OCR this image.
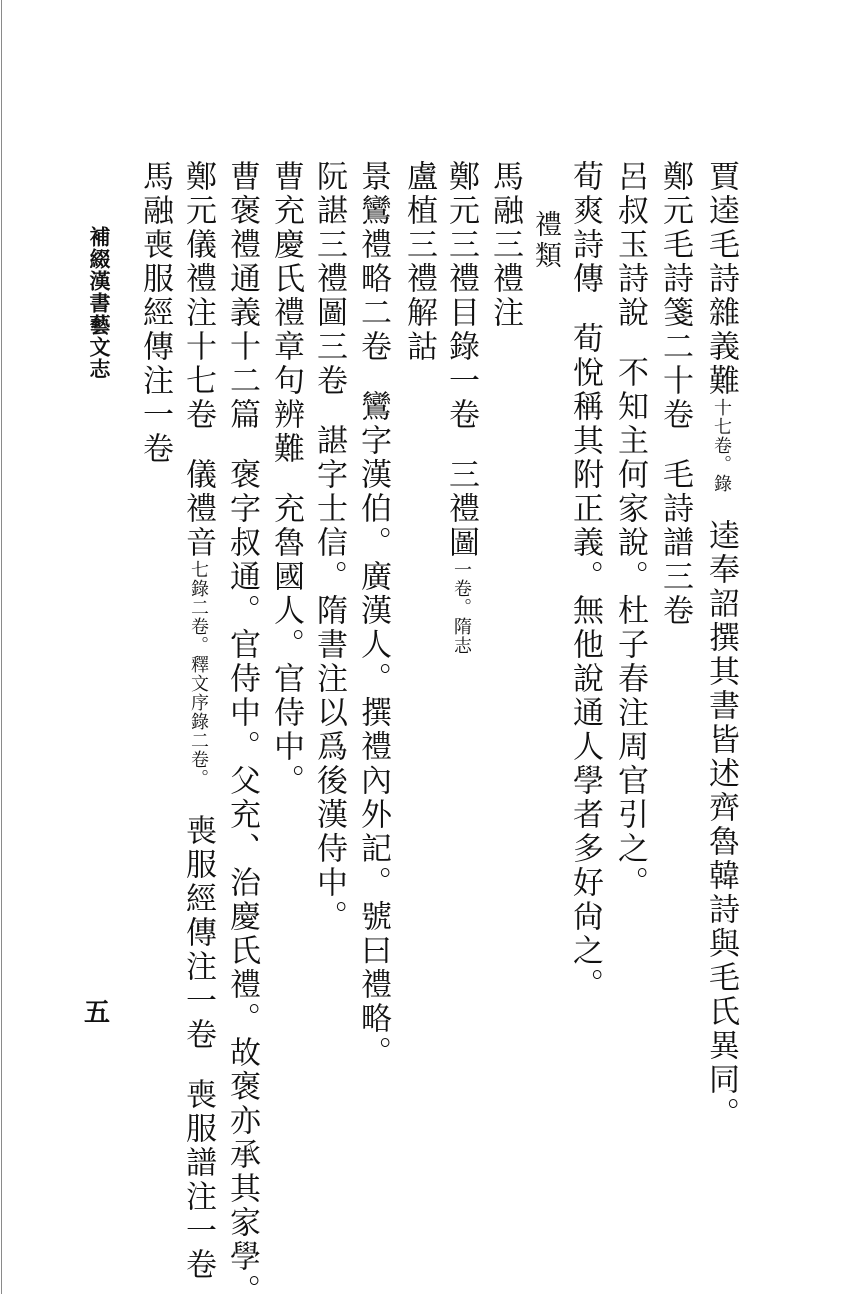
賈逵毛詩雜義難十七卷。錄逵奉詔撰其書皆述齊魯韓詩與毛氏異同。
鄭元毛詩箋二十卷毛詩譜三卷
呂叔玉詩說不知主何家說。杜子春注周官引之。
荀爽詩傳荀悅稱其附正義。無他說通人學者多好尙之。
禮類
馬融三禮注
鄭元三禮目錄一卷三禮圖一卷。隋志
盧植三禮解詁
景鸞禮略二卷鸞字漢伯。廣漢人。撰禮內外記。號曰禮略。
阮諶三禮圖三卷諶字士信。隋書注以爲後漢侍中。
曹充慶氏禮章句辨難充魯國人。官侍中。
曹褒禮通義十二篇褒字叔通。官侍中。父充、治慶氏禮。故褒亦承其家學。
鄭元儀禮注十七卷儀禮音七錄二卷。釋文序錄二卷。喪服經傳注一卷喪服譜注一卷
馬融喪服經傳注一卷
補綴漢書藝文志
五
